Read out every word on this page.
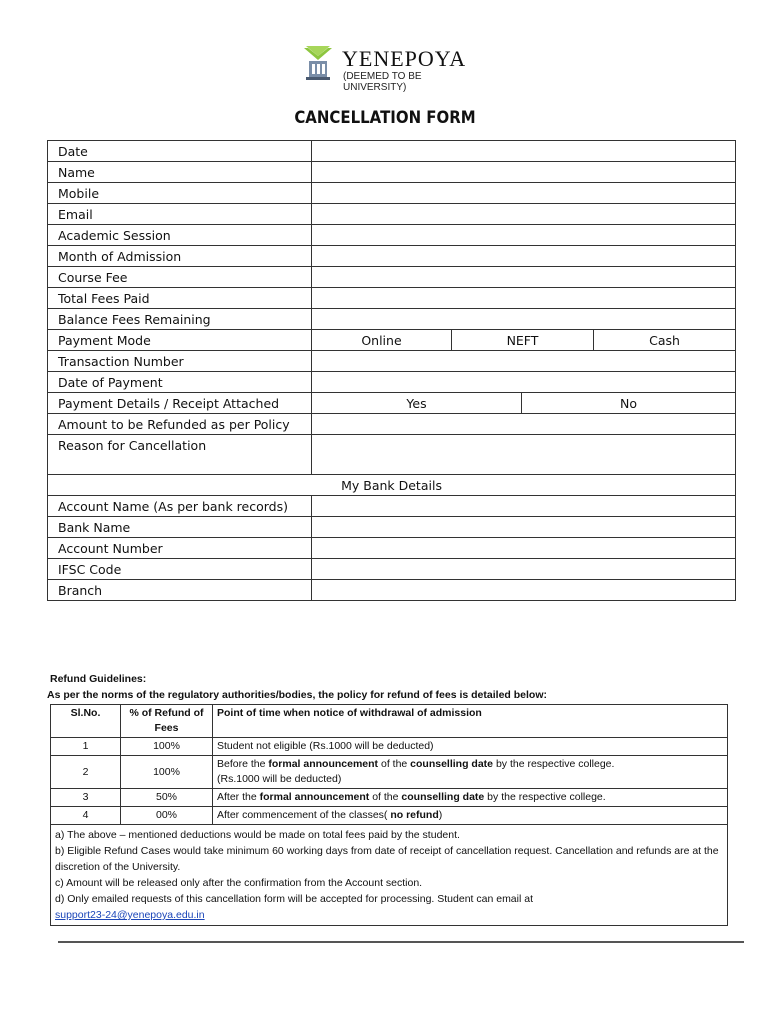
YENEPOYA
(DEEMED TO BE UNIVERSITY)
CANCELLATION FORM
Date				
Name				
Mobile				
Email				
Academic Session				
Month of Admission				
Course Fee				
Total Fees Paid				
Balance Fees Remaining				
Payment Mode	Online	NEFT		Cash
Transaction Number				
Date of Payment				
Payment Details / Receipt Attached	Yes		No	
Amount to be Refunded as per Policy				
Reason for Cancellation				
My Bank Details				
Account Name (As per bank records)				
Bank Name				
Account Number				
IFSC Code				
Branch				
Refund Guidelines:
As per the norms of the regulatory authorities/bodies, the policy for refund of fees is detailed below:
Sl.No.	% of Refund of Fees	Point of time when notice of withdrawal of admission
1	100%	Student not eligible (Rs.1000 will be deducted)
2	100%	Before the formal announcement of the counselling date by the respective college.
(Rs.1000 will be deducted)
3	50%	After the formal announcement of the counselling date by the respective college.
4	00%	After commencement of the classes( no refund)

a) The above – mentioned deductions would be made on total fees paid by the student.
b) Eligible Refund Cases would take minimum 60 working days from date of receipt of cancellation request. Cancellation and refunds are at the discretion of the University.
c) Amount will be released only after the confirmation from the Account section.
d) Only emailed requests of this cancellation form will be accepted for processing. Student can email at
support23-24@yenepoya.edu.in		
